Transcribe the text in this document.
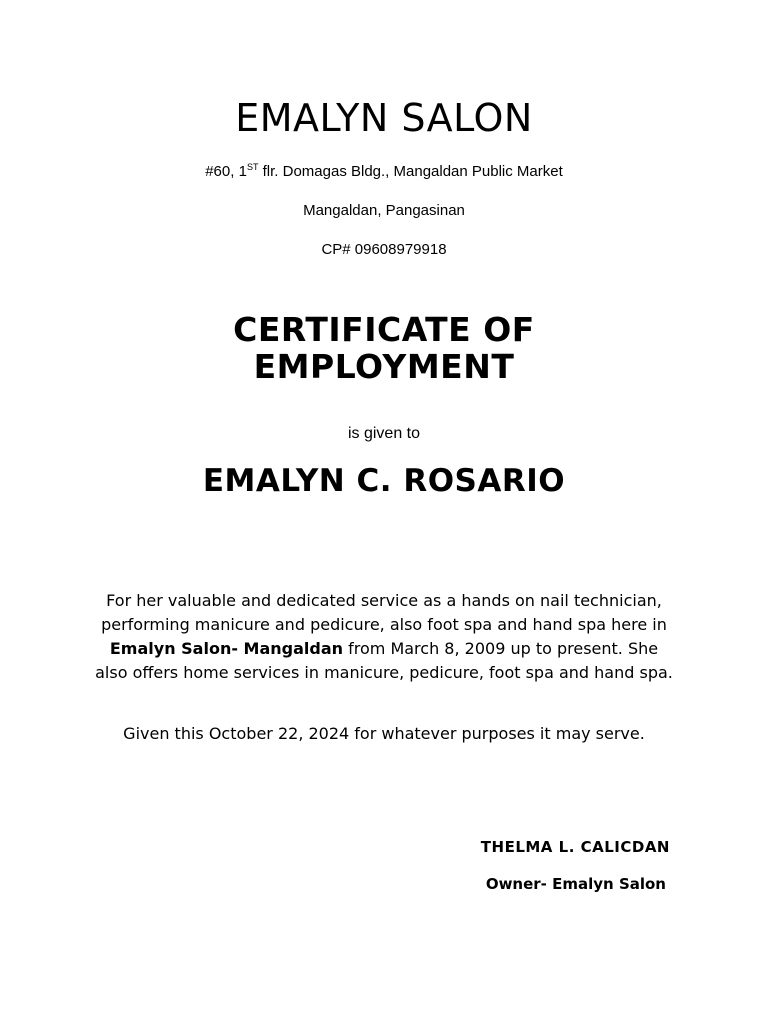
EMALYN SALON
#60, 1ST flr. Domagas Bldg., Mangaldan Public Market
Mangaldan, Pangasinan
CP# 09608979918
CERTIFICATE OF
EMPLOYMENT
is given to
EMALYN C. ROSARIO
For her valuable and dedicated service as a hands on nail technician, performing manicure and pedicure, also foot spa and hand spa here in Emalyn Salon- Mangaldan from March 8, 2009 up to present. She also offers home services in manicure, pedicure, foot spa and hand spa.
Given this October 22, 2024 for whatever purposes it may serve.
THELMA L. CALICDAN
Owner- Emalyn Salon
